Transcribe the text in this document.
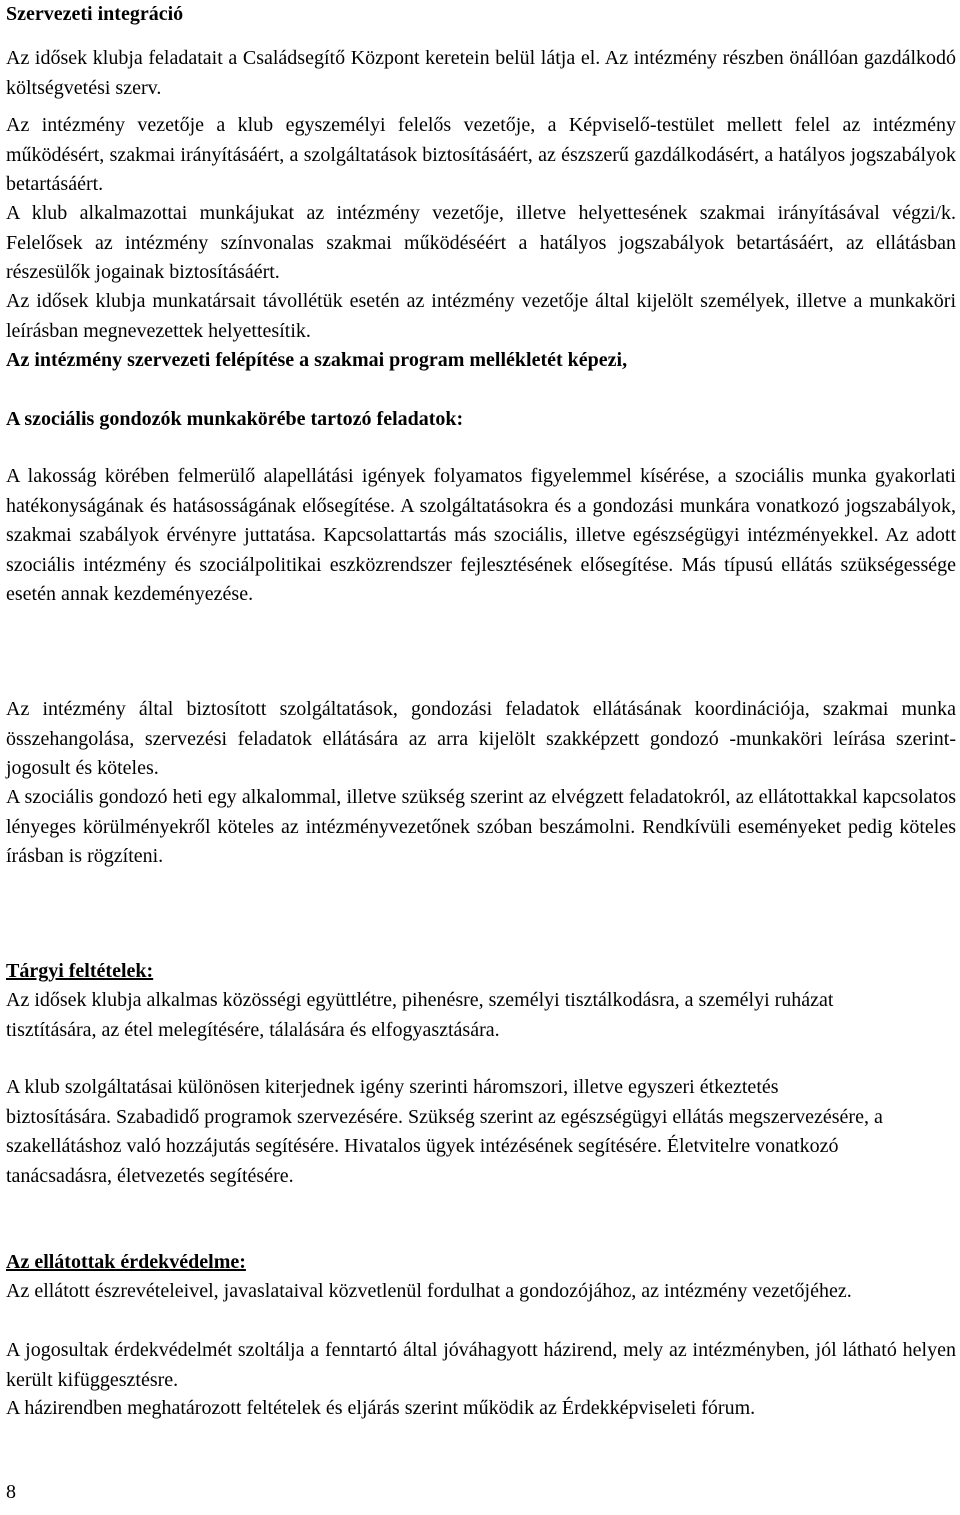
Szervezeti integráció

Az idősek klubja feladatait a Családsegítő Központ keretein belül látja el. Az intézmény részben önállóan gazdálkodó költségvetési szerv.

Az intézmény vezetője a klub egyszemélyi felelős vezetője, a Képviselő-testület mellett felel az intézmény működésért, szakmai irányításáért, a szolgáltatások biztosításáért, az észszerű gazdálkodásért, a hatályos jogszabályok betartásáért.

A klub alkalmazottai munkájukat az intézmény vezetője, illetve helyettesének szakmai irányításával végzi/k. Felelősek az intézmény színvonalas szakmai működéséért a hatályos jogszabályok betartásáért, az ellátásban részesülők jogainak biztosításáért.

Az idősek klubja munkatársait távollétük esetén az intézmény vezetője által kijelölt személyek, illetve a munkaköri leírásban megnevezettek helyettesítik.

Az intézmény szervezeti felépítése a szakmai program mellékletét képezi,

A szociális gondozók munkakörébe tartozó feladatok:

A lakosság körében felmerülő alapellátási igények folyamatos figyelemmel kísérése, a szociális munka gyakorlati hatékonyságának és hatásosságának elősegítése. A szolgáltatásokra és a gondozási munkára vonatkozó jogszabályok, szakmai szabályok érvényre juttatása. Kapcsolattartás más szociális, illetve egészségügyi intézményekkel. Az adott szociális intézmény és szociálpolitikai eszközrendszer fejlesztésének elősegítése. Más típusú ellátás szükségessége esetén annak kezdeményezése.

Az intézmény által biztosított szolgáltatások, gondozási feladatok ellátásának koordinációja, szakmai munka összehangolása, szervezési feladatok ellátására az arra kijelölt szakképzett gondozó -munkaköri leírása szerint- jogosult és köteles.

A szociális gondozó heti egy alkalommal, illetve szükség szerint az elvégzett feladatokról, az ellátottakkal kapcsolatos lényeges körülményekről köteles az intézményvezetőnek szóban beszámolni. Rendkívüli eseményeket pedig köteles írásban is rögzíteni.

Tárgyi feltételek:

Az idősek klubja alkalmas közösségi együttlétre, pihenésre, személyi tisztálkodásra, a személyi ruházat tisztítására, az étel melegítésére, tálalására és elfogyasztására.

A klub szolgáltatásai különösen kiterjednek igény szerinti háromszori, illetve egyszeri étkeztetés biztosítására. Szabadidő programok szervezésére. Szükség szerint az egészségügyi ellátás megszervezésére, a szakellátáshoz való hozzájutás segítésére. Hivatalos ügyek intézésének segítésére. Életvitelre vonatkozó tanácsadásra, életvezetés segítésére.

Az ellátottak érdekvédelme:

Az ellátott észrevételeivel, javaslataival közvetlenül fordulhat a gondozójához, az intézmény vezetőjéhez.

A jogosultak érdekvédelmét szoltálja a fenntartó által jóváhagyott házirend, mely az intézményben, jól látható helyen került kifüggesztésre.

A házirendben meghatározott feltételek és eljárás szerint működik az Érdekképviseleti fórum.

8
